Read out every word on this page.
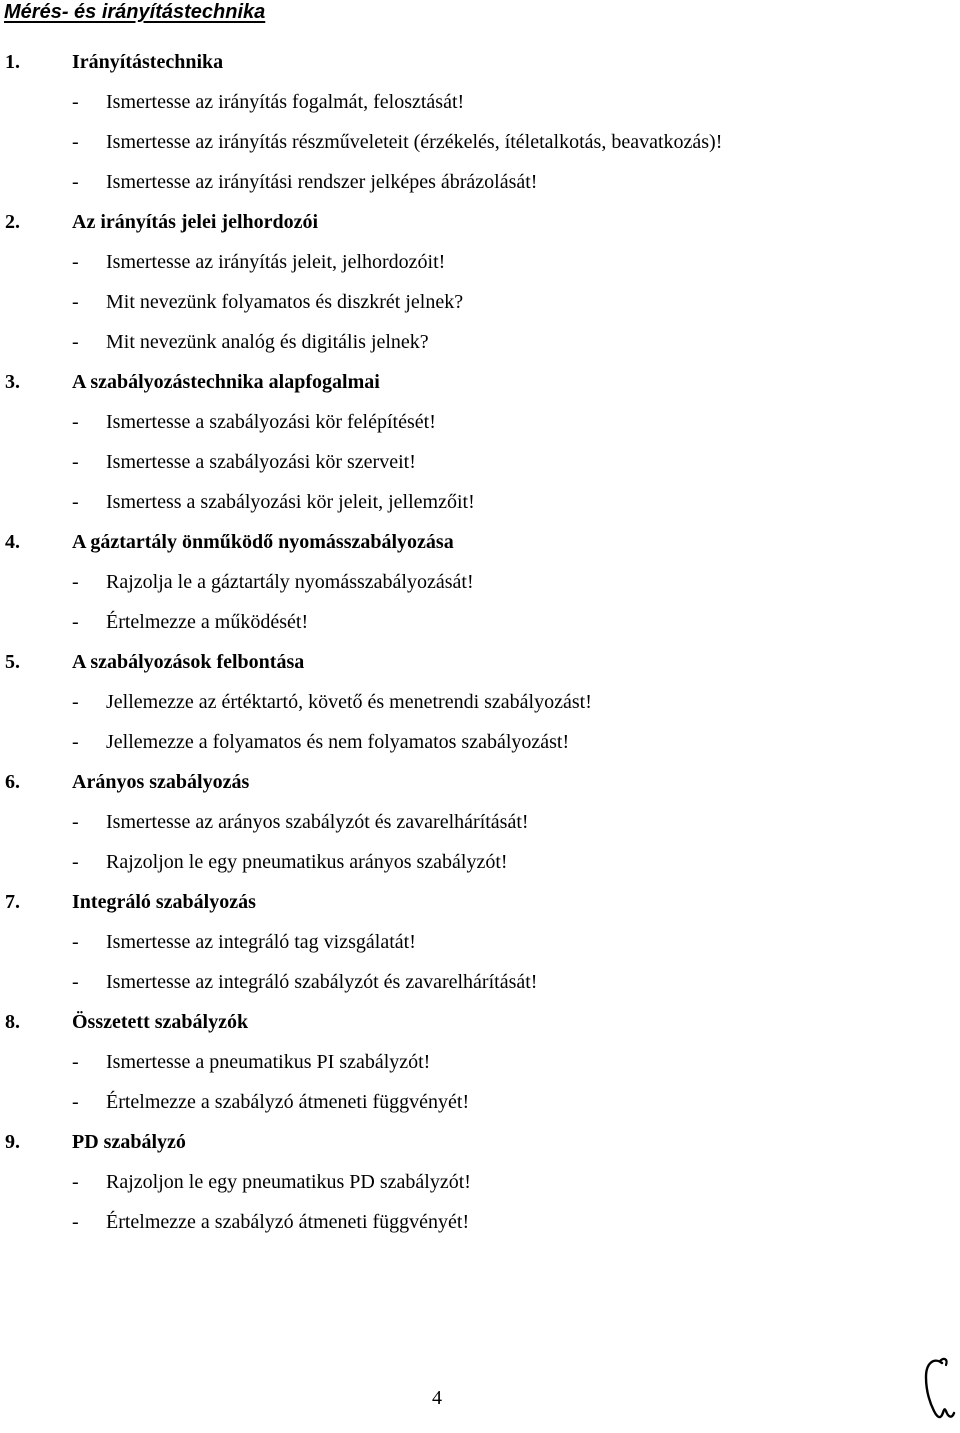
Mérés- és irányítástechnika
1.	Irányítástechnika
- Ismertesse az irányítás fogalmát, felosztását!
- Ismertesse az irányítás részműveleteit (érzékelés, ítéletalkotás, beavatkozás)!
- Ismertesse az irányítási rendszer jelképes ábrázolását!
2.	Az irányítás jelei jelhordozói
- Ismertesse az irányítás jeleit, jelhordozóit!
- Mit nevezünk folyamatos és diszkrét jelnek?
- Mit nevezünk analóg és digitális jelnek?
3.	A szabályozástechnika alapfogalmai
- Ismertesse a szabályozási kör felépítését!
- Ismertesse a szabályozási kör szerveit!
- Ismertess a szabályozási kör jeleit, jellemzőit!
4.	A gáztartály önműködő nyomásszabályozása
- Rajzolja le a gáztartály nyomásszabályozását!
- Értelmezze a működését!
5.	A szabályozások felbontása
- Jellemezze az értéktartó, követő és menetrendi szabályozást!
- Jellemezze a folyamatos és nem folyamatos szabályozást!
6.	Arányos szabályozás
- Ismertesse az arányos szabályzót és zavarelhárítását!
- Rajzoljon le egy pneumatikus arányos szabályzót!
7.	Integráló szabályozás
- Ismertesse az integráló tag vizsgálatát!
- Ismertesse az integráló szabályzót és zavarelhárítását!
8.	Összetett szabályzók
- Ismertesse a pneumatikus PI szabályzót!
- Értelmezze a szabályzó átmeneti függvényét!
9.	PD szabályzó
- Rajzoljon le egy pneumatikus PD szabályzót!
- Értelmezze a szabályzó átmeneti függvényét!
4
